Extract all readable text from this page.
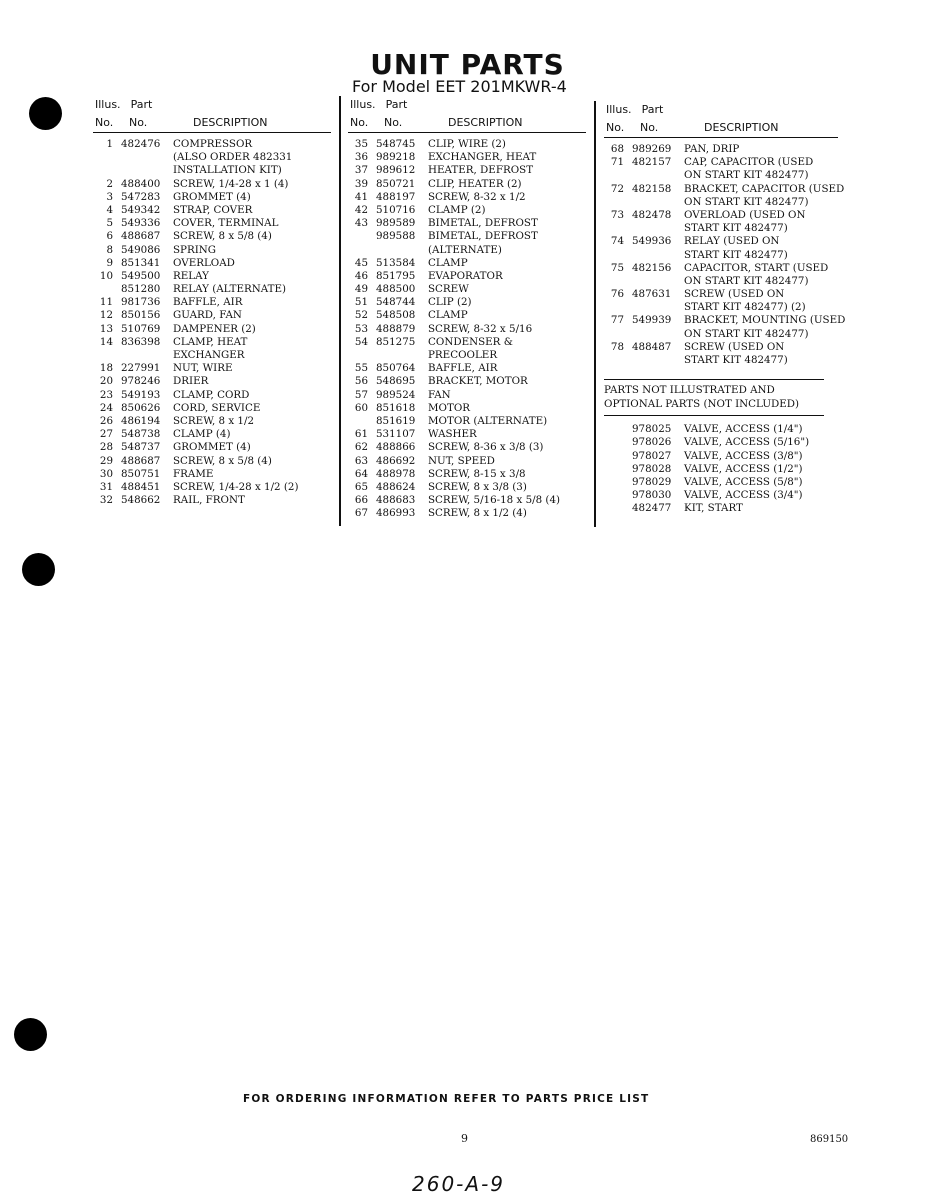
UNIT PARTS
For Model EET 201MKWR-4
Illus. Part
No. No.	DESCRIPTION
1 482476 COMPRESSOR
(ALSO ORDER 482331
INSTALLATION KIT)
2 488400 SCREW, 1/4-28 x 1 (4)
3 547283 GROMMET (4)
4 549342 STRAP, COVER
5 549336 COVER, TERMINAL
6 488687 SCREW, 8 x 5/8 (4)
8 549086 SPRING
9 851341 OVERLOAD
10 549500 RELAY
851280 RELAY (ALTERNATE)
11 981736 BAFFLE, AIR
12 850156 GUARD, FAN
13 510769 DAMPENER (2)
14 836398 CLAMP, HEAT
EXCHANGER
18 227991 NUT, WIRE
20 978246 DRIER
23 549193 CLAMP, CORD
24 850626 CORD, SERVICE
26 486194 SCREW, 8 x 1/2
27 548738 CLAMP (4)
28 548737 GROMMET (4)
29 488687 SCREW, 8 x 5/8 (4)
30 850751 FRAME
31 488451 SCREW, 1/4-28 x 1/2 (2)
32 548662 RAIL, FRONT
Illus. Part
No. No.	DESCRIPTION
35 548745 CLIP, WIRE (2)
36 989218 EXCHANGER, HEAT
37 989612 HEATER, DEFROST
39 850721 CLIP, HEATER (2)
41 488197 SCREW, 8-32 x 1/2
42 510716 CLAMP (2)
43 989589 BIMETAL, DEFROST
989588 BIMETAL, DEFROST
(ALTERNATE)
45 513584 CLAMP
46 851795 EVAPORATOR
49 488500 SCREW
51 548744 CLIP (2)
52 548508 CLAMP
53 488879 SCREW, 8-32 x 5/16
54 851275 CONDENSER &
PRECOOLER
55 850764 BAFFLE, AIR
56 548695 BRACKET, MOTOR
57 989524 FAN
60 851618 MOTOR
851619 MOTOR (ALTERNATE)
61 531107 WASHER
62 488866 SCREW, 8-36 x 3/8 (3)
63 486692 NUT, SPEED
64 488978 SCREW, 8-15 x 3/8
65 488624 SCREW, 8 x 3/8 (3)
66 488683 SCREW, 5/16-18 x 5/8 (4)
67 486993 SCREW, 8 x 1/2 (4)
Illus. Part
No. No.	DESCRIPTION
68 989269 PAN, DRIP
71 482157 CAP, CAPACITOR (USED
ON START KIT 482477)
72 482158 BRACKET, CAPACITOR (USED
ON START KIT 482477)
73 482478 OVERLOAD (USED ON
START KIT 482477)
74 549936 RELAY (USED ON
START KIT 482477)
75 482156 CAPACITOR, START (USED
ON START KIT 482477)
76 487631 SCREW (USED ON
START KIT 482477) (2)
77 549939 BRACKET, MOUNTING (USED
ON START KIT 482477)
78 488487 SCREW (USED ON
START KIT 482477)
PARTS NOT ILLUSTRATED AND
OPTIONAL PARTS (NOT INCLUDED)
978025 VALVE, ACCESS (1/4")
978026 VALVE, ACCESS (5/16")
978027 VALVE, ACCESS (3/8")
978028 VALVE, ACCESS (1/2")
978029 VALVE, ACCESS (5/8")
978030 VALVE, ACCESS (3/4")
482477 KIT, START
FOR ORDERING INFORMATION REFER TO PARTS PRICE LIST
9	869150
260-A-9
